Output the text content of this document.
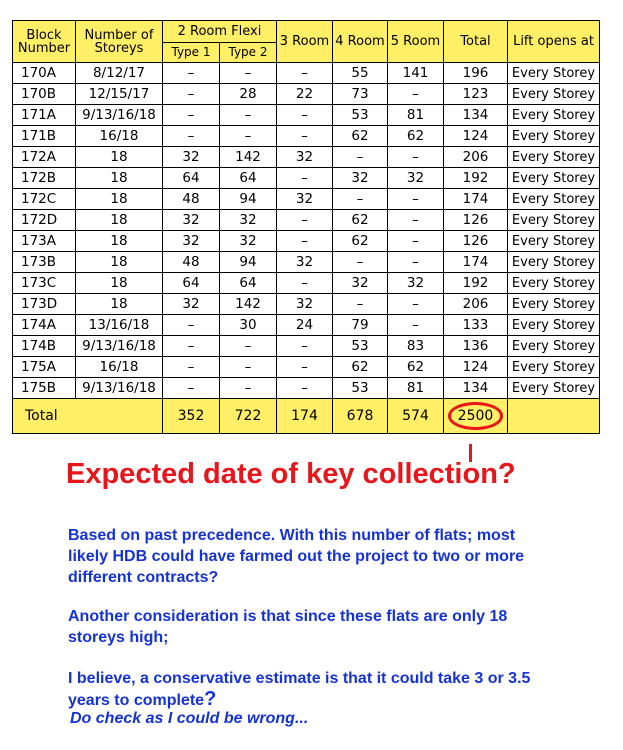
Block Number	Number of Storeys	2 Room Flexi		3 Room	4 Room	5 Room	Total	Lift opens at
		Type 1	Type 2					
170A	8/12/17	–	–	–	55	141	196	Every Storey
170B	12/15/17	–	28	22	73	–	123	Every Storey
171A	9/13/16/18	–	–	–	53	81	134	Every Storey
171B	16/18	–	–	–	62	62	124	Every Storey
172A	18	32	142	32	–	–	206	Every Storey
172B	18	64	64	–	32	32	192	Every Storey
172C	18	48	94	32	–	–	174	Every Storey
172D	18	32	32	–	62	–	126	Every Storey
173A	18	32	32	–	62	–	126	Every Storey
173B	18	48	94	32	–	–	174	Every Storey
173C	18	64	64	–	32	32	192	Every Storey
173D	18	32	142	32	–	–	206	Every Storey
174A	13/16/18	–	30	24	79	–	133	Every Storey
174B	9/13/16/18	–	–	–	53	83	136	Every Storey
175A	16/18	–	–	–	62	62	124	Every Storey
175B	9/13/16/18	–	–	–	53	81	134	Every Storey
Total		352	722	174	678	574	2500	
Expected date of key collection?
Based on past precedence. With this number of flats; most likely HDB could have farmed out the project to two or more different contracts?
Another consideration is that since these flats are only 18 storeys high;
I believe, a conservative estimate is that it could take 3 or 3.5 years to complete?
Do check as I could be wrong...
